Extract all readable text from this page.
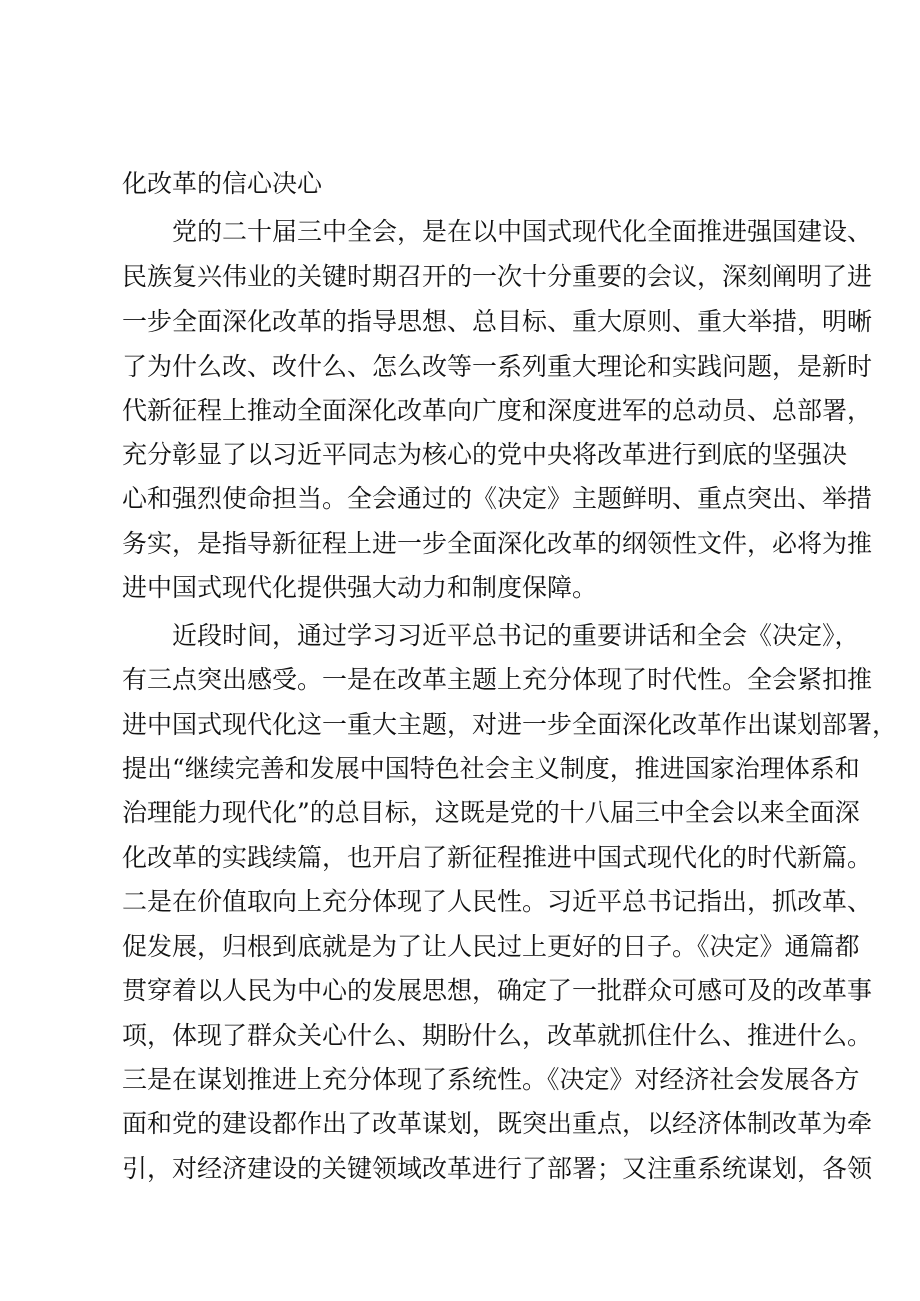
化改革的信心决心
党的二十届三中全会，是在以中国式现代化全面推进强国建设、
民族复兴伟业的关键时期召开的一次十分重要的会议，深刻阐明了进
一步全面深化改革的指导思想、总目标、重大原则、重大举措，明晰
了为什么改、改什么、怎么改等一系列重大理论和实践问题，是新时
代新征程上推动全面深化改革向广度和深度进军的总动员、总部署，
充分彰显了以习近平同志为核心的党中央将改革进行到底的坚强决
心和强烈使命担当。全会通过的《决定》主题鲜明、重点突出、举措
务实，是指导新征程上进一步全面深化改革的纲领性文件，必将为推
进中国式现代化提供强大动力和制度保障。
近段时间，通过学习习近平总书记的重要讲话和全会《决定》，
有三点突出感受。一是在改革主题上充分体现了时代性。全会紧扣推
进中国式现代化这一重大主题，对进一步全面深化改革作出谋划部署，
提出“继续完善和发展中国特色社会主义制度，推进国家治理体系和
治理能力现代化”的总目标，这既是党的十八届三中全会以来全面深
化改革的实践续篇，也开启了新征程推进中国式现代化的时代新篇。
二是在价值取向上充分体现了人民性。习近平总书记指出，抓改革、
促发展，归根到底就是为了让人民过上更好的日子。《决定》通篇都
贯穿着以人民为中心的发展思想，确定了一批群众可感可及的改革事
项，体现了群众关心什么、期盼什么，改革就抓住什么、推进什么。
三是在谋划推进上充分体现了系统性。《决定》对经济社会发展各方
面和党的建设都作出了改革谋划，既突出重点，以经济体制改革为牵
引，对经济建设的关键领域改革进行了部署；又注重系统谋划，各领
